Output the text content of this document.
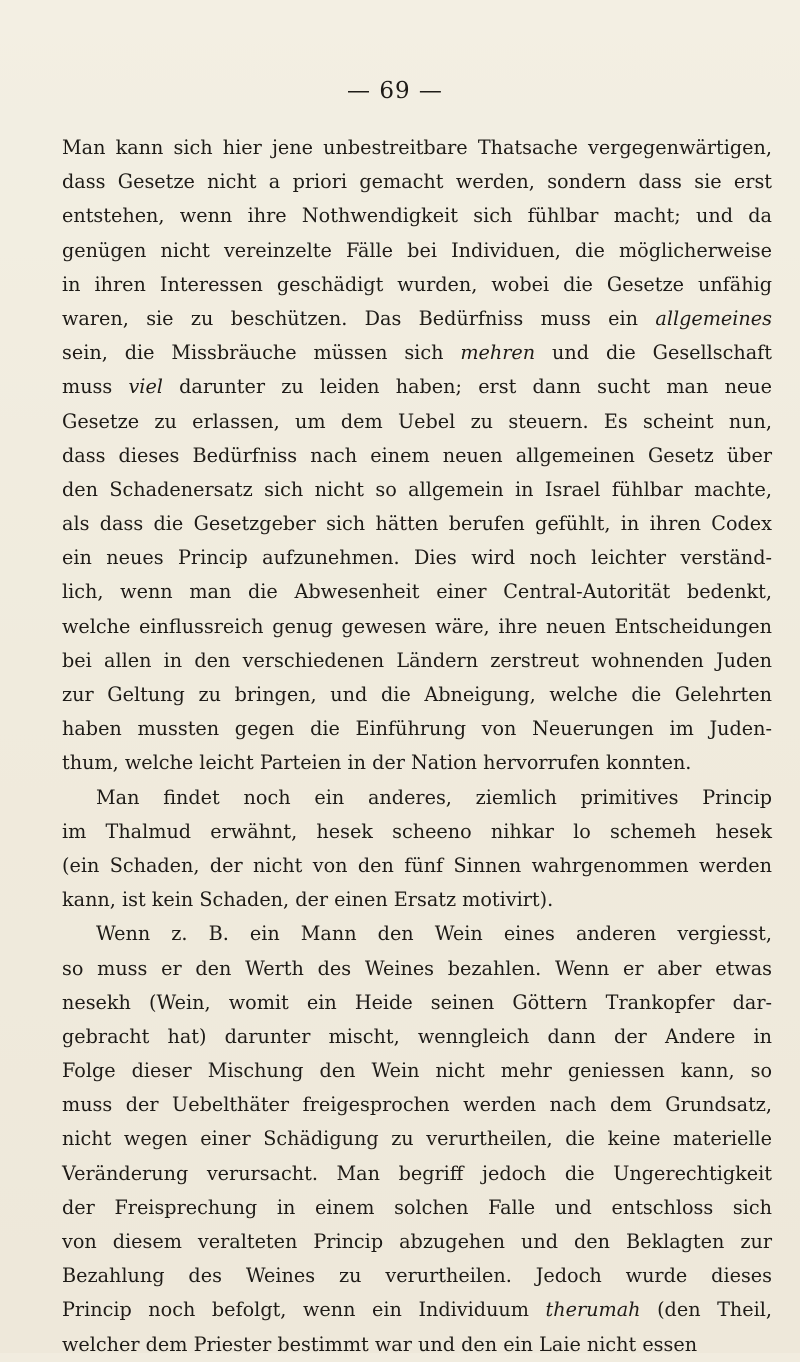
— 69 —
Man kann sich hier jene unbestreitbare Thatsache vergegenwärtigen,
dass Gesetze nicht a priori gemacht werden, sondern dass sie erst
entstehen, wenn ihre Nothwendigkeit sich fühlbar macht; und da
genügen nicht vereinzelte Fälle bei Individuen, die möglicherweise
in ihren Interessen geschädigt wurden, wobei die Gesetze unfähig
waren, sie zu beschützen. Das Bedürfniss muss ein allgemeines
sein, die Missbräuche müssen sich mehren und die Gesellschaft
muss viel darunter zu leiden haben; erst dann sucht man neue
Gesetze zu erlassen, um dem Uebel zu steuern. Es scheint nun,
dass dieses Bedürfniss nach einem neuen allgemeinen Gesetz über
den Schadenersatz sich nicht so allgemein in Israel fühlbar machte,
als dass die Gesetzgeber sich hätten berufen gefühlt, in ihren Codex
ein neues Princip aufzunehmen. Dies wird noch leichter verständ-
lich, wenn man die Abwesenheit einer Central-Autorität bedenkt,
welche einflussreich genug gewesen wäre, ihre neuen Entscheidungen
bei allen in den verschiedenen Ländern zerstreut wohnenden Juden
zur Geltung zu bringen, und die Abneigung, welche die Gelehrten
haben mussten gegen die Einführung von Neuerungen im Juden-
thum, welche leicht Parteien in der Nation hervorrufen konnten.
Man findet noch ein anderes, ziemlich primitives Princip
im Thalmud erwähnt, hesek scheeno nihkar lo schemeh hesek
(ein Schaden, der nicht von den fünf Sinnen wahrgenommen werden
kann, ist kein Schaden, der einen Ersatz motivirt).
Wenn z. B. ein Mann den Wein eines anderen vergiesst,
so muss er den Werth des Weines bezahlen. Wenn er aber etwas
nesekh (Wein, womit ein Heide seinen Göttern Trankopfer dar-
gebracht hat) darunter mischt, wenngleich dann der Andere in
Folge dieser Mischung den Wein nicht mehr geniessen kann, so
muss der Uebelthäter freigesprochen werden nach dem Grundsatz,
nicht wegen einer Schädigung zu verurtheilen, die keine materielle
Veränderung verursacht. Man begriff jedoch die Ungerechtigkeit
der Freisprechung in einem solchen Falle und entschloss sich
von diesem veralteten Princip abzugehen und den Beklagten zur
Bezahlung des Weines zu verurtheilen. Jedoch wurde dieses
Princip noch befolgt, wenn ein Individuum therumah (den Theil,
welcher dem Priester bestimmt war und den ein Laie nicht essen
